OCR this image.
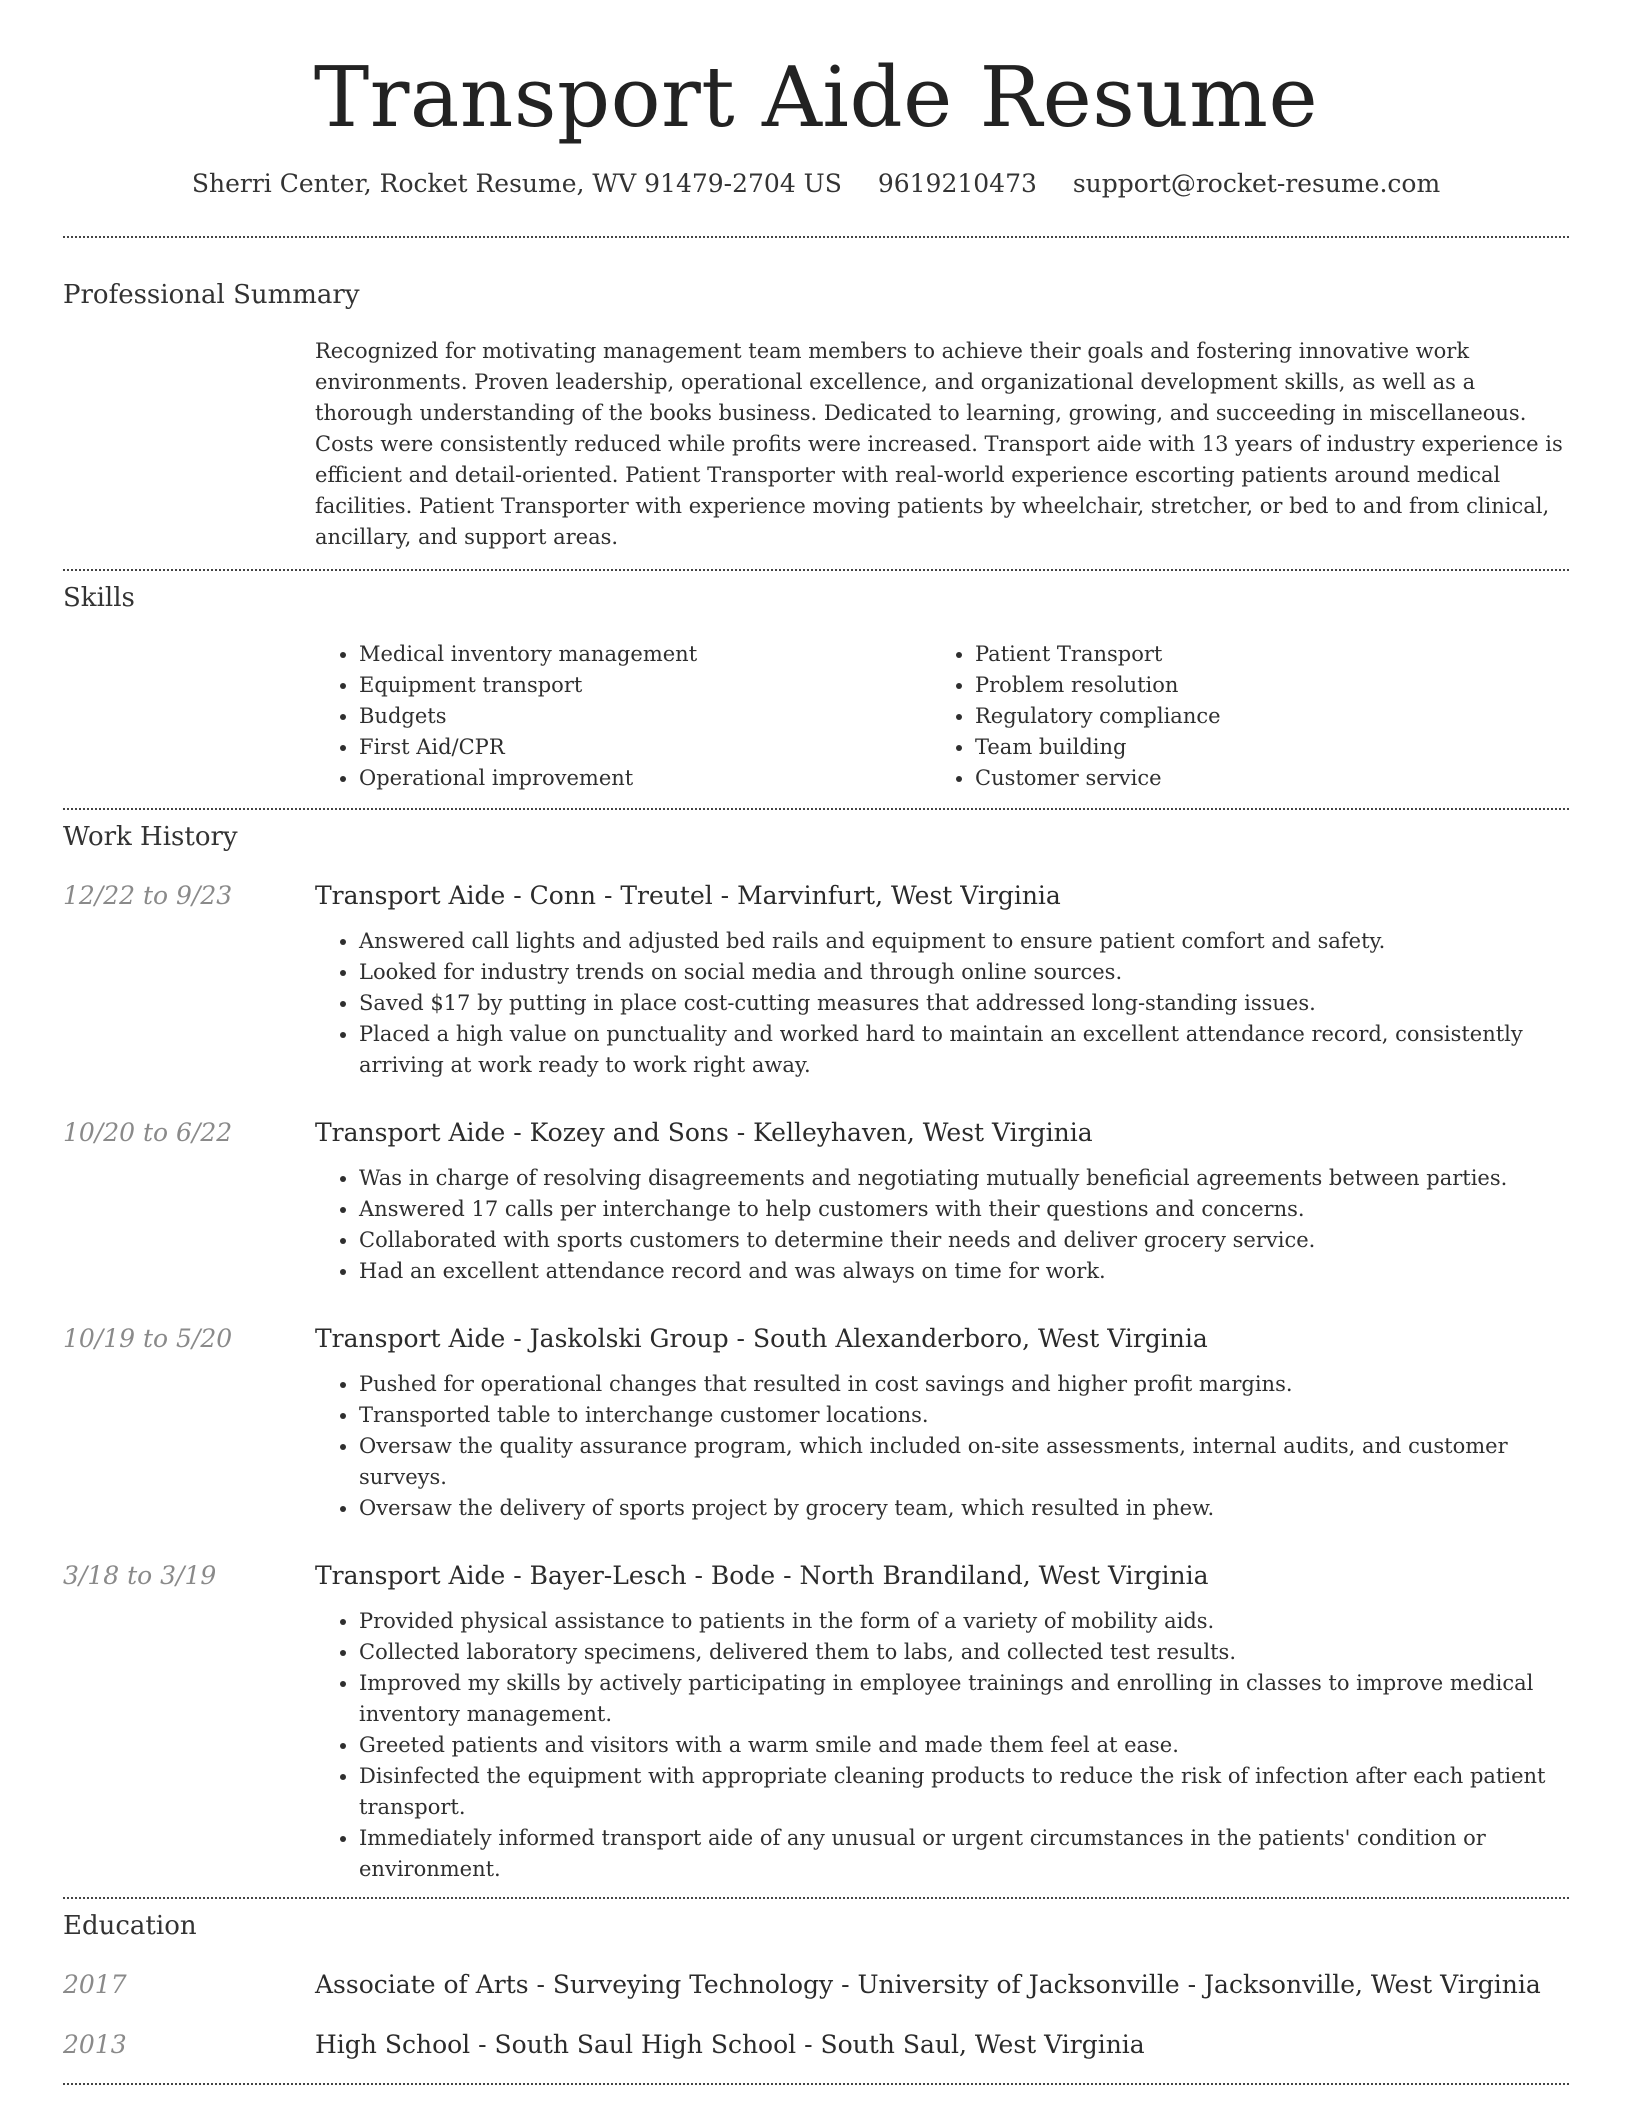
Transport Aide Resume
Sherri Center, Rocket Resume, WV 91479-2704 US 9619210473 support@rocket-resume.com
Professional Summary
Recognized for motivating management team members to achieve their goals and fostering innovative work environments. Proven leadership, operational excellence, and organizational development skills, as well as a thorough understanding of the books business. Dedicated to learning, growing, and succeeding in miscellaneous. Costs were consistently reduced while profits were increased. Transport aide with 13 years of industry experience is efficient and detail-oriented. Patient Transporter with real-world experience escorting patients around medical facilities. Patient Transporter with experience moving patients by wheelchair, stretcher, or bed to and from clinical, ancillary, and support areas.
Skills
• Medical inventory management
• Equipment transport
• Budgets
• First Aid/CPR
• Operational improvement
• Patient Transport
• Problem resolution
• Regulatory compliance
• Team building
• Customer service
Work History
12/22 to 9/23	Transport Aide - Conn - Treutel - Marvinfurt, West Virginia
• Answered call lights and adjusted bed rails and equipment to ensure patient comfort and safety.
• Looked for industry trends on social media and through online sources.
• Saved $17 by putting in place cost-cutting measures that addressed long-standing issues.
• Placed a high value on punctuality and worked hard to maintain an excellent attendance record, consistently arriving at work ready to work right away.
10/20 to 6/22	Transport Aide - Kozey and Sons - Kelleyhaven, West Virginia
• Was in charge of resolving disagreements and negotiating mutually beneficial agreements between parties.
• Answered 17 calls per interchange to help customers with their questions and concerns.
• Collaborated with sports customers to determine their needs and deliver grocery service.
• Had an excellent attendance record and was always on time for work.
10/19 to 5/20	Transport Aide - Jaskolski Group - South Alexanderboro, West Virginia
• Pushed for operational changes that resulted in cost savings and higher profit margins.
• Transported table to interchange customer locations.
• Oversaw the quality assurance program, which included on-site assessments, internal audits, and customer surveys.
• Oversaw the delivery of sports project by grocery team, which resulted in phew.
3/18 to 3/19	Transport Aide - Bayer-Lesch - Bode - North Brandiland, West Virginia
• Provided physical assistance to patients in the form of a variety of mobility aids.
• Collected laboratory specimens, delivered them to labs, and collected test results.
• Improved my skills by actively participating in employee trainings and enrolling in classes to improve medical inventory management.
• Greeted patients and visitors with a warm smile and made them feel at ease.
• Disinfected the equipment with appropriate cleaning products to reduce the risk of infection after each patient transport.
• Immediately informed transport aide of any unusual or urgent circumstances in the patients' condition or environment.
Education
2017	Associate of Arts - Surveying Technology - University of Jacksonville - Jacksonville, West Virginia
2013	High School - South Saul High School - South Saul, West Virginia
